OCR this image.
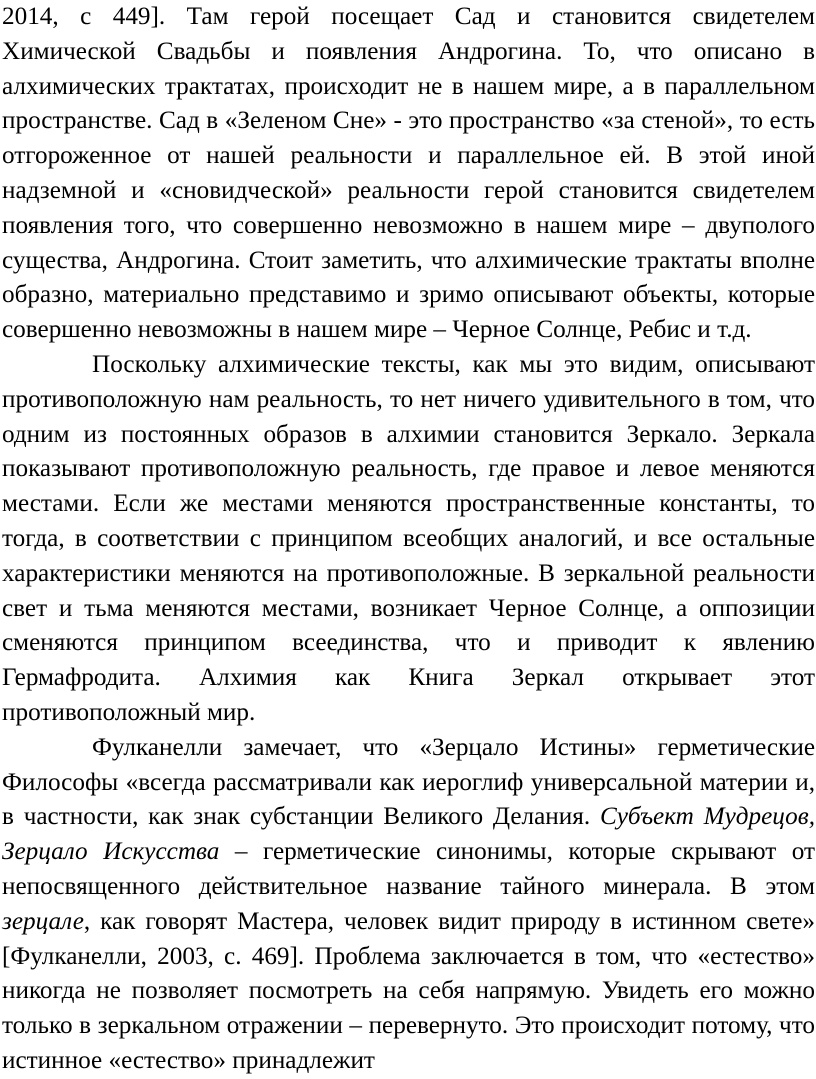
2014, с 449]. Там герой посещает Сад и становится свидетелем Химической Свадьбы и появления Андрогина. То, что описано в алхимических трактатах, происходит не в нашем мире, а в параллельном пространстве. Сад в «Зеленом Сне» - это пространство «за стеной», то есть отгороженное от нашей реальности и параллельное ей. В этой иной надземной и «сновидческой» реальности герой становится свидетелем появления того, что совершенно невозможно в нашем мире – двуполого существа, Андрогина. Стоит заметить, что алхимические трактаты вполне образно, материально представимо и зримо описывают объекты, которые совершенно невозможны в нашем мире – Черное Солнце, Ребис и т.д.

Поскольку алхимические тексты, как мы это видим, описывают противоположную нам реальность, то нет ничего удивительного в том, что одним из постоянных образов в алхимии становится Зеркало. Зеркала показывают противоположную реальность, где правое и левое меняются местами. Если же местами меняются пространственные константы, то тогда, в соответствии с принципом всеобщих аналогий, и все остальные характеристики меняются на противоположные. В зеркальной реальности свет и тьма меняются местами, возникает Черное Солнце, а оппозиции сменяются принципом всеединства, что и приводит к явлению Гермафродита. Алхимия как Книга Зеркал открывает этот противоположный мир.

Фулканелли замечает, что «Зерцало Истины» герметические Философы «всегда рассматривали как иероглиф универсальной материи и, в частности, как знак субстанции Великого Делания. Субъект Мудрецов, Зерцало Искусства – герметические синонимы, которые скрывают от непосвященного действительное название тайного минерала. В этом зерцале, как говорят Мастера, человек видит природу в истинном свете» [Фулканелли, 2003, с. 469]. Проблема заключается в том, что «естество» никогда не позволяет посмотреть на себя напрямую. Увидеть его можно только в зеркальном отражении – перевернуто. Это происходит потому, что истинное «естество» принадлежит
